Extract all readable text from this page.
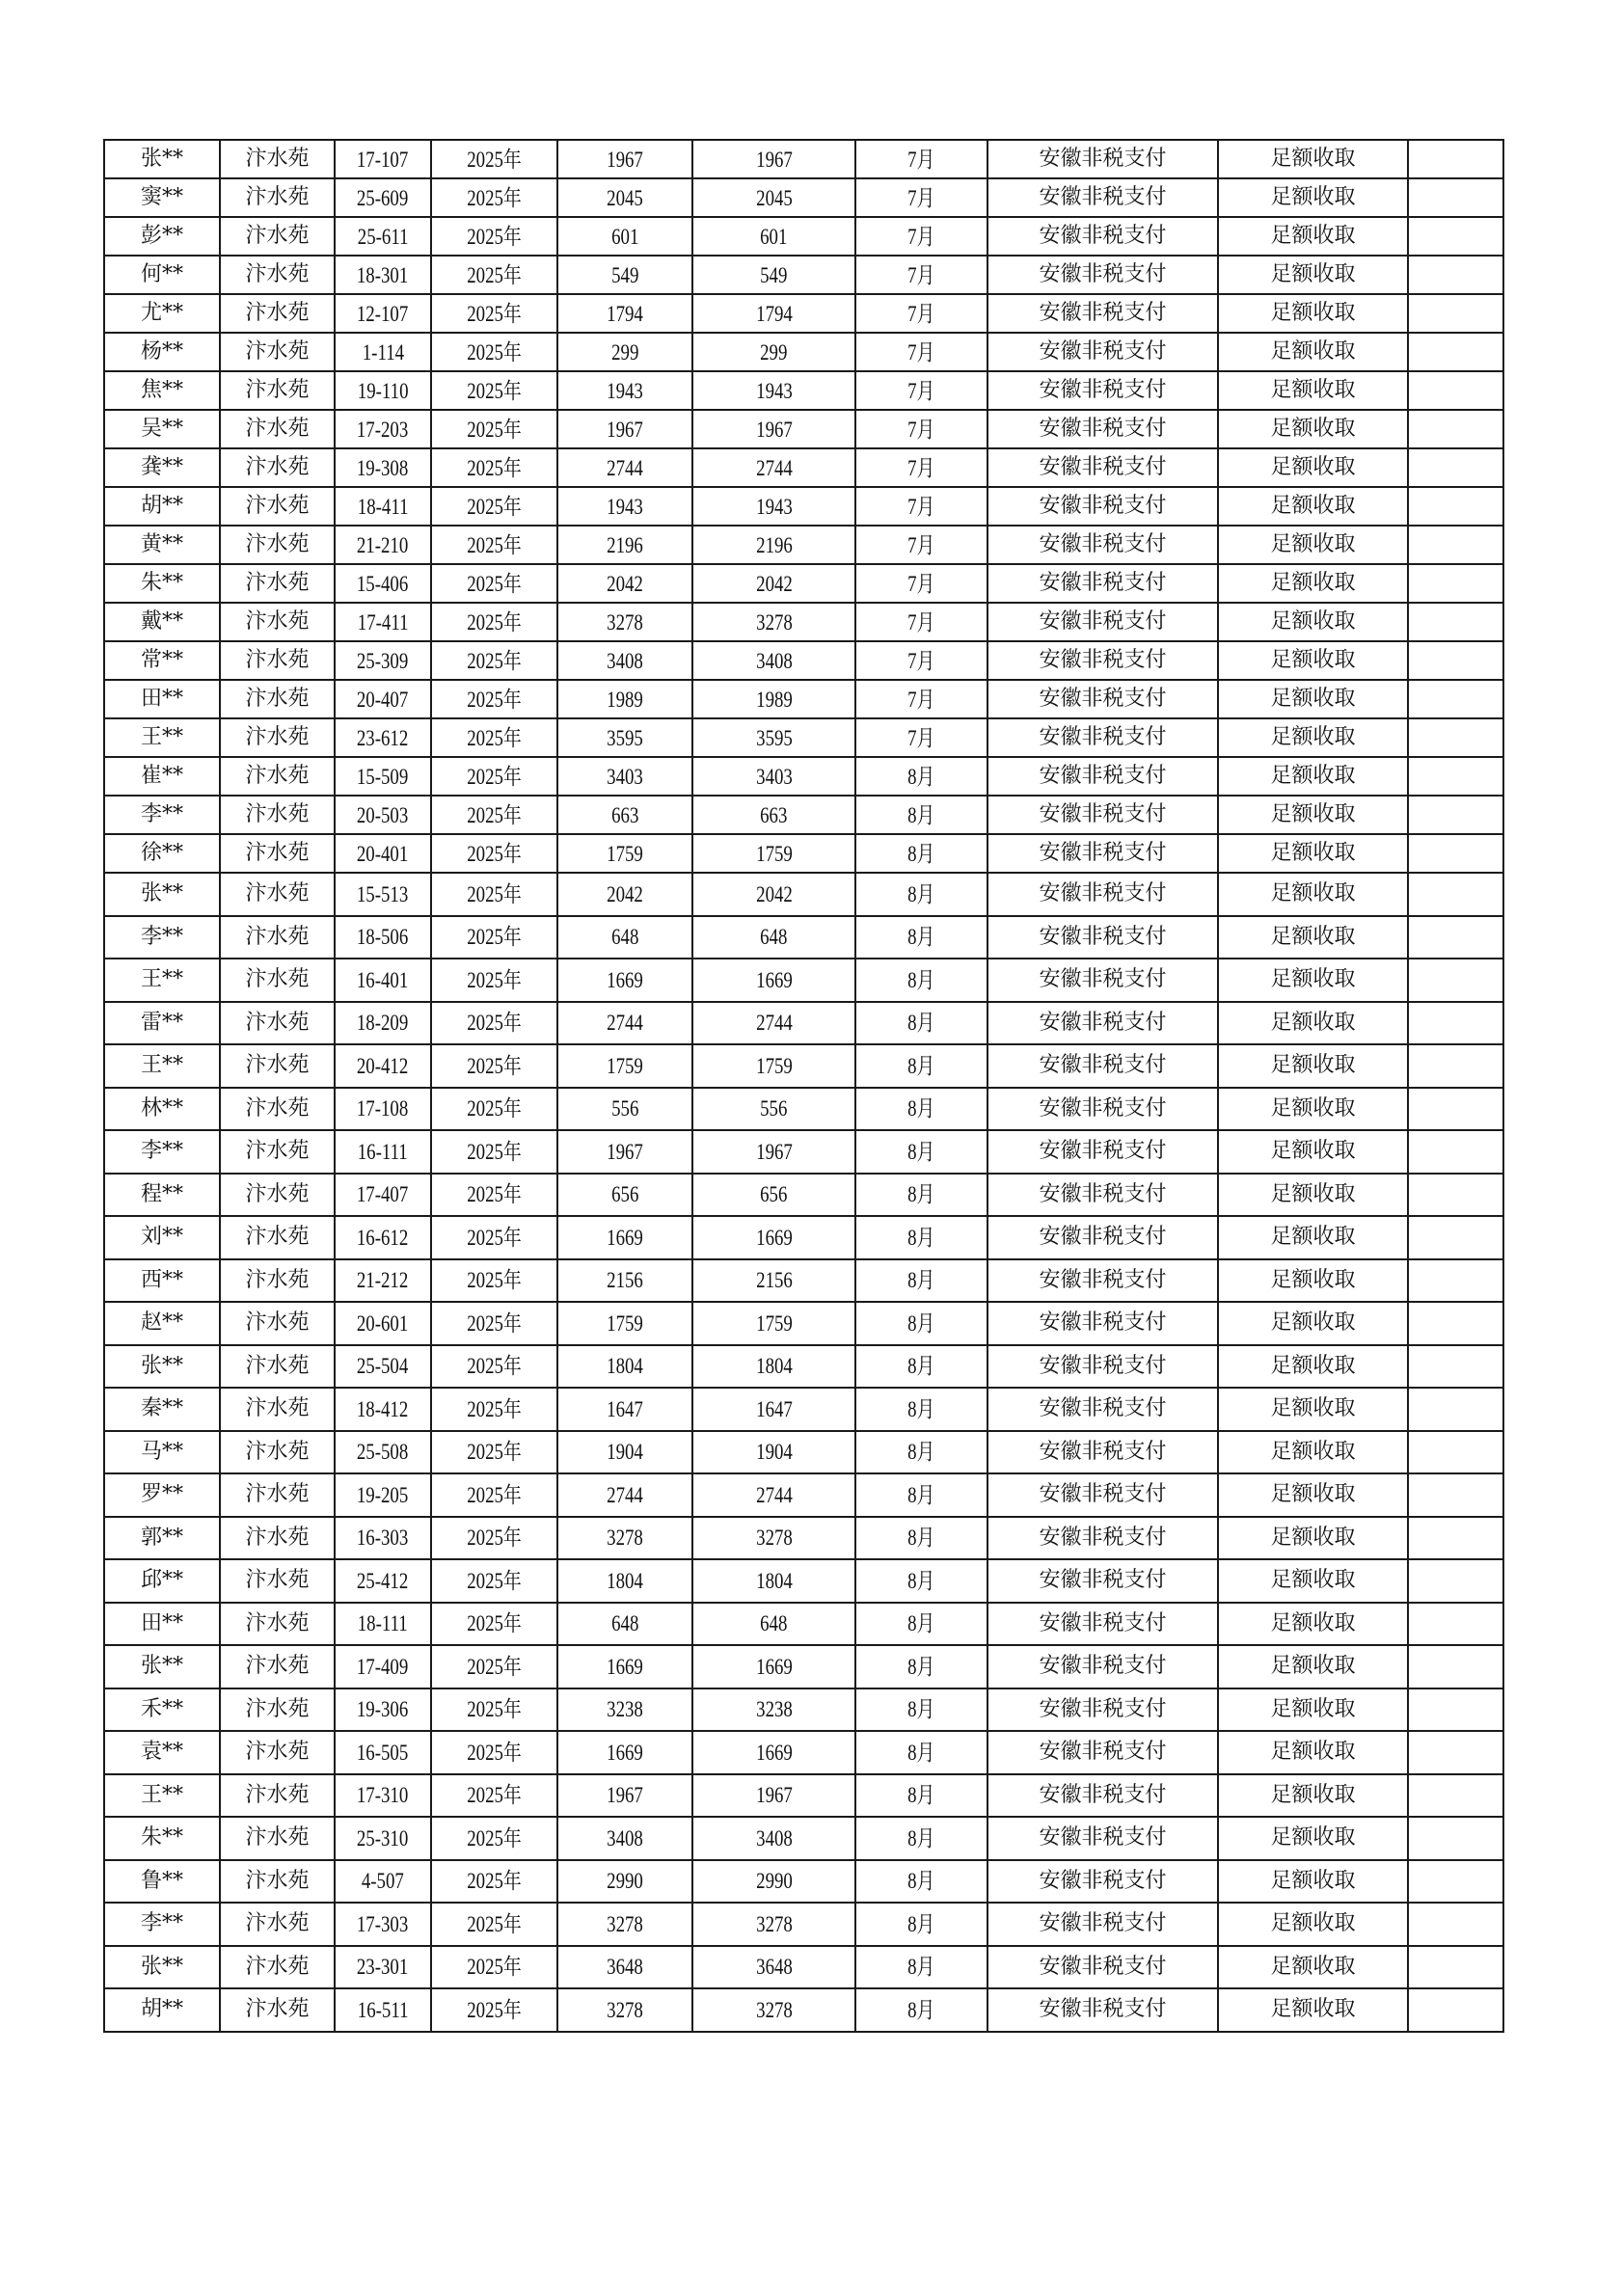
张**	汴水苑	17-107	2025年	1967	1967	7月	安徽非税支付	足额收取	
窦**	汴水苑	25-609	2025年	2045	2045	7月	安徽非税支付	足额收取	
彭**	汴水苑	25-611	2025年	601	601	7月	安徽非税支付	足额收取	
何**	汴水苑	18-301	2025年	549	549	7月	安徽非税支付	足额收取	
尤**	汴水苑	12-107	2025年	1794	1794	7月	安徽非税支付	足额收取	
杨**	汴水苑	1-114	2025年	299	299	7月	安徽非税支付	足额收取	
焦**	汴水苑	19-110	2025年	1943	1943	7月	安徽非税支付	足额收取	
吴**	汴水苑	17-203	2025年	1967	1967	7月	安徽非税支付	足额收取	
龚**	汴水苑	19-308	2025年	2744	2744	7月	安徽非税支付	足额收取	
胡**	汴水苑	18-411	2025年	1943	1943	7月	安徽非税支付	足额收取	
黄**	汴水苑	21-210	2025年	2196	2196	7月	安徽非税支付	足额收取	
朱**	汴水苑	15-406	2025年	2042	2042	7月	安徽非税支付	足额收取	
戴**	汴水苑	17-411	2025年	3278	3278	7月	安徽非税支付	足额收取	
常**	汴水苑	25-309	2025年	3408	3408	7月	安徽非税支付	足额收取	
田**	汴水苑	20-407	2025年	1989	1989	7月	安徽非税支付	足额收取	
王**	汴水苑	23-612	2025年	3595	3595	7月	安徽非税支付	足额收取	
崔**	汴水苑	15-509	2025年	3403	3403	8月	安徽非税支付	足额收取	
李**	汴水苑	20-503	2025年	663	663	8月	安徽非税支付	足额收取	
徐**	汴水苑	20-401	2025年	1759	1759	8月	安徽非税支付	足额收取	
张**	汴水苑	15-513	2025年	2042	2042	8月	安徽非税支付	足额收取	
李**	汴水苑	18-506	2025年	648	648	8月	安徽非税支付	足额收取	
王**	汴水苑	16-401	2025年	1669	1669	8月	安徽非税支付	足额收取	
雷**	汴水苑	18-209	2025年	2744	2744	8月	安徽非税支付	足额收取	
王**	汴水苑	20-412	2025年	1759	1759	8月	安徽非税支付	足额收取	
林**	汴水苑	17-108	2025年	556	556	8月	安徽非税支付	足额收取	
李**	汴水苑	16-111	2025年	1967	1967	8月	安徽非税支付	足额收取	
程**	汴水苑	17-407	2025年	656	656	8月	安徽非税支付	足额收取	
刘**	汴水苑	16-612	2025年	1669	1669	8月	安徽非税支付	足额收取	
西**	汴水苑	21-212	2025年	2156	2156	8月	安徽非税支付	足额收取	
赵**	汴水苑	20-601	2025年	1759	1759	8月	安徽非税支付	足额收取	
张**	汴水苑	25-504	2025年	1804	1804	8月	安徽非税支付	足额收取	
秦**	汴水苑	18-412	2025年	1647	1647	8月	安徽非税支付	足额收取	
马**	汴水苑	25-508	2025年	1904	1904	8月	安徽非税支付	足额收取	
罗**	汴水苑	19-205	2025年	2744	2744	8月	安徽非税支付	足额收取	
郭**	汴水苑	16-303	2025年	3278	3278	8月	安徽非税支付	足额收取	
邱**	汴水苑	25-412	2025年	1804	1804	8月	安徽非税支付	足额收取	
田**	汴水苑	18-111	2025年	648	648	8月	安徽非税支付	足额收取	
张**	汴水苑	17-409	2025年	1669	1669	8月	安徽非税支付	足额收取	
禾**	汴水苑	19-306	2025年	3238	3238	8月	安徽非税支付	足额收取	
袁**	汴水苑	16-505	2025年	1669	1669	8月	安徽非税支付	足额收取	
王**	汴水苑	17-310	2025年	1967	1967	8月	安徽非税支付	足额收取	
朱**	汴水苑	25-310	2025年	3408	3408	8月	安徽非税支付	足额收取	
鲁**	汴水苑	4-507	2025年	2990	2990	8月	安徽非税支付	足额收取	
李**	汴水苑	17-303	2025年	3278	3278	8月	安徽非税支付	足额收取	
张**	汴水苑	23-301	2025年	3648	3648	8月	安徽非税支付	足额收取	
胡**	汴水苑	16-511	2025年	3278	3278	8月	安徽非税支付	足额收取	
